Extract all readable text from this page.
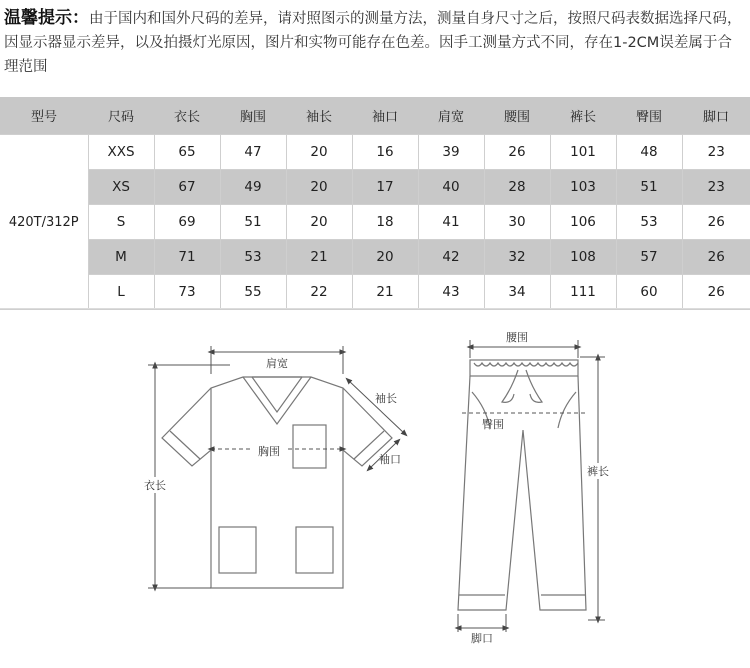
温馨提示：由于国内和国外尺码的差异，请对照图示的测量方法，测量自身尺寸之后，按照尺码表数据选择尺码，因显示器显示差异，以及拍摄灯光原因，图片和实物可能存在色差。因手工测量方式不同，存在1-2CM误差属于合理范围
型号	尺码	衣长	胸围	袖长	袖口	肩宽	腰围	裤长	臀围	脚口
420T/312P	XXS	65	47	20	16	39	26	101	48	23
	XS	67	49	20	17	40	28	103	51	23
	S	69	51	20	18	41	30	106	53	26
	M	71	53	21	20	42	32	108	57	26
	L	73	55	22	21	43	34	111	60	26
肩宽
袖长
胸围
袖口
衣长
腰围
臀围
裤长
脚口
